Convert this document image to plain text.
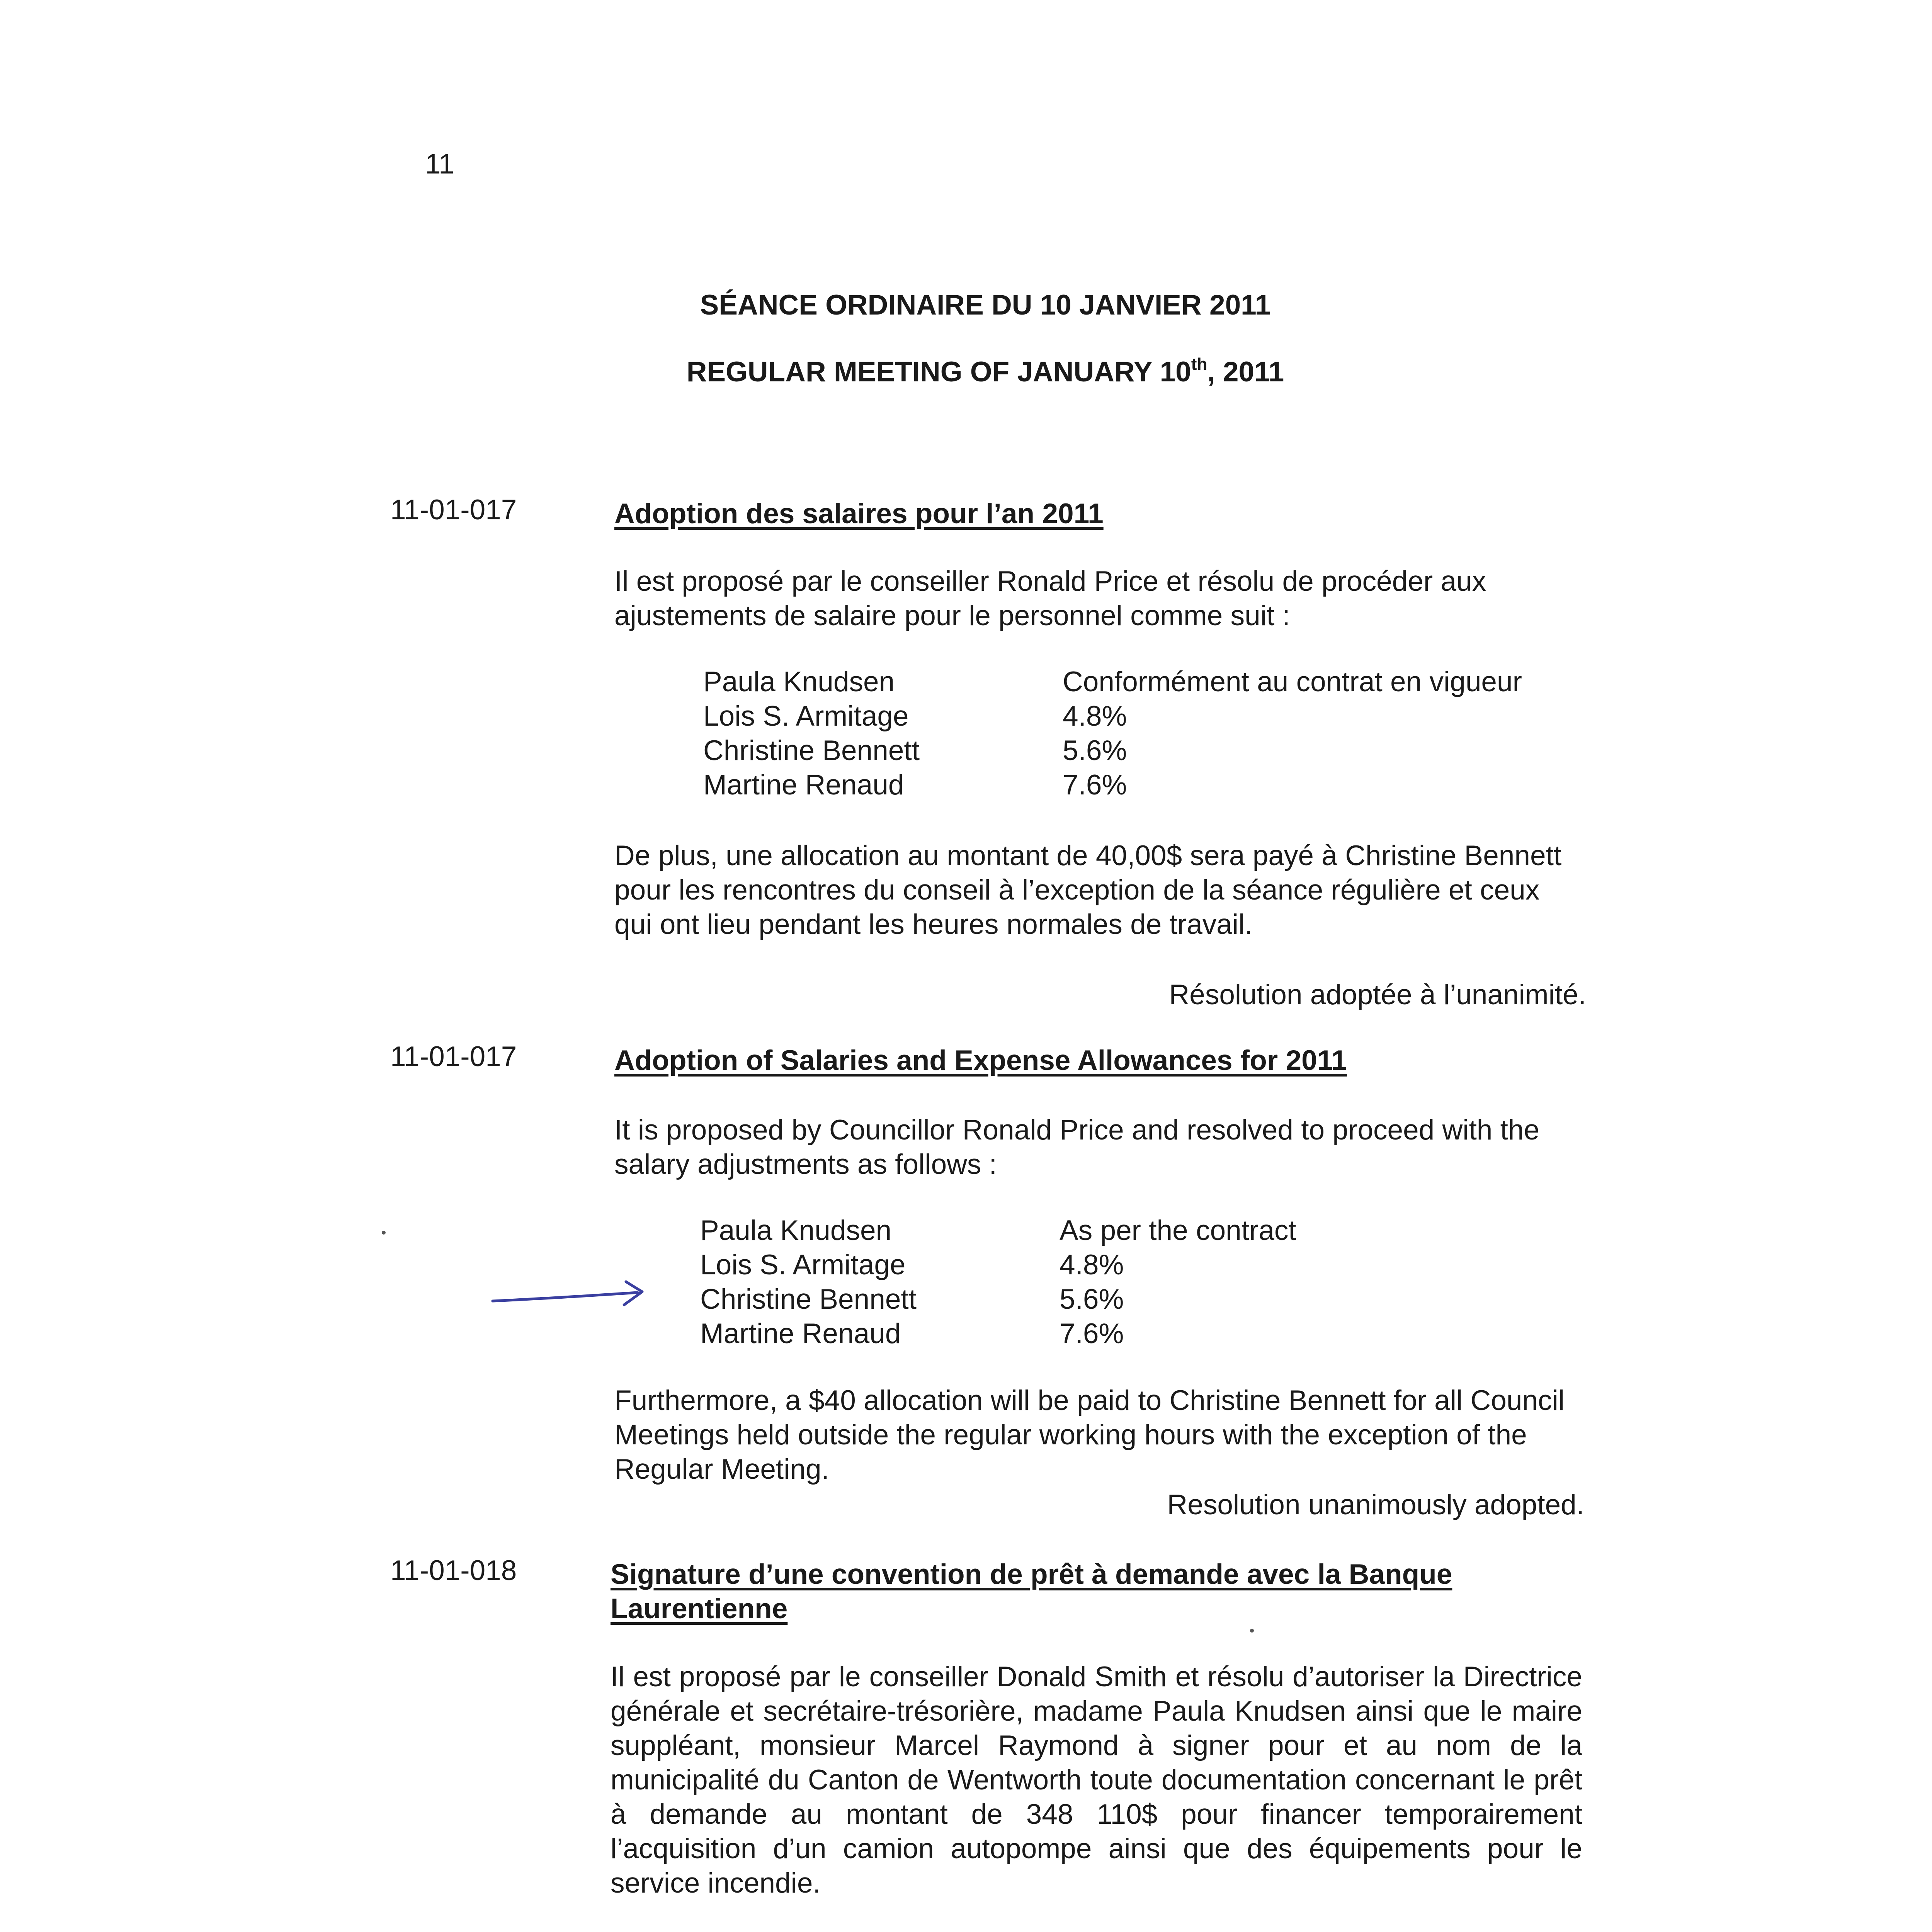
11
SÉANCE ORDINAIRE DU 10 JANVIER 2011
REGULAR MEETING OF JANUARY 10th, 2011
11-01-017	Adoption des salaires pour l’an 2011
Il est proposé par le conseiller Ronald Price et résolu de procéder aux ajustements de salaire pour le personnel comme suit :
Paula Knudsen	Conformément au contrat en vigueur
Lois S. Armitage	4.8%
Christine Bennett	5.6%
Martine Renaud	7.6%
De plus, une allocation au montant de 40,00$ sera payé à Christine Bennett pour les rencontres du conseil à l’exception de la séance régulière et ceux qui ont lieu pendant les heures normales de travail.
Résolution adoptée à l’unanimité.
11-01-017	Adoption of Salaries and Expense Allowances for 2011
It is proposed by Councillor Ronald Price and resolved to proceed with the salary adjustments as follows :
Paula Knudsen	As per the contract
Lois S. Armitage	4.8%
Christine Bennett	5.6%
Martine Renaud	7.6%
Furthermore, a $40 allocation will be paid to Christine Bennett for all Council Meetings held outside the regular working hours with the exception of the Regular Meeting.
Resolution unanimously adopted.
11-01-018	Signature d’une convention de prêt à demande avec la Banque Laurentienne
Il est proposé par le conseiller Donald Smith et résolu d’autoriser la Directrice générale et secrétaire-trésorière, madame Paula Knudsen ainsi que le maire suppléant, monsieur Marcel Raymond à signer pour et au nom de la municipalité du Canton de Wentworth toute documentation concernant le prêt à demande au montant de 348 110$ pour financer temporairement l’acquisition d’un camion autopompe ainsi que des équipements pour le service incendie.
